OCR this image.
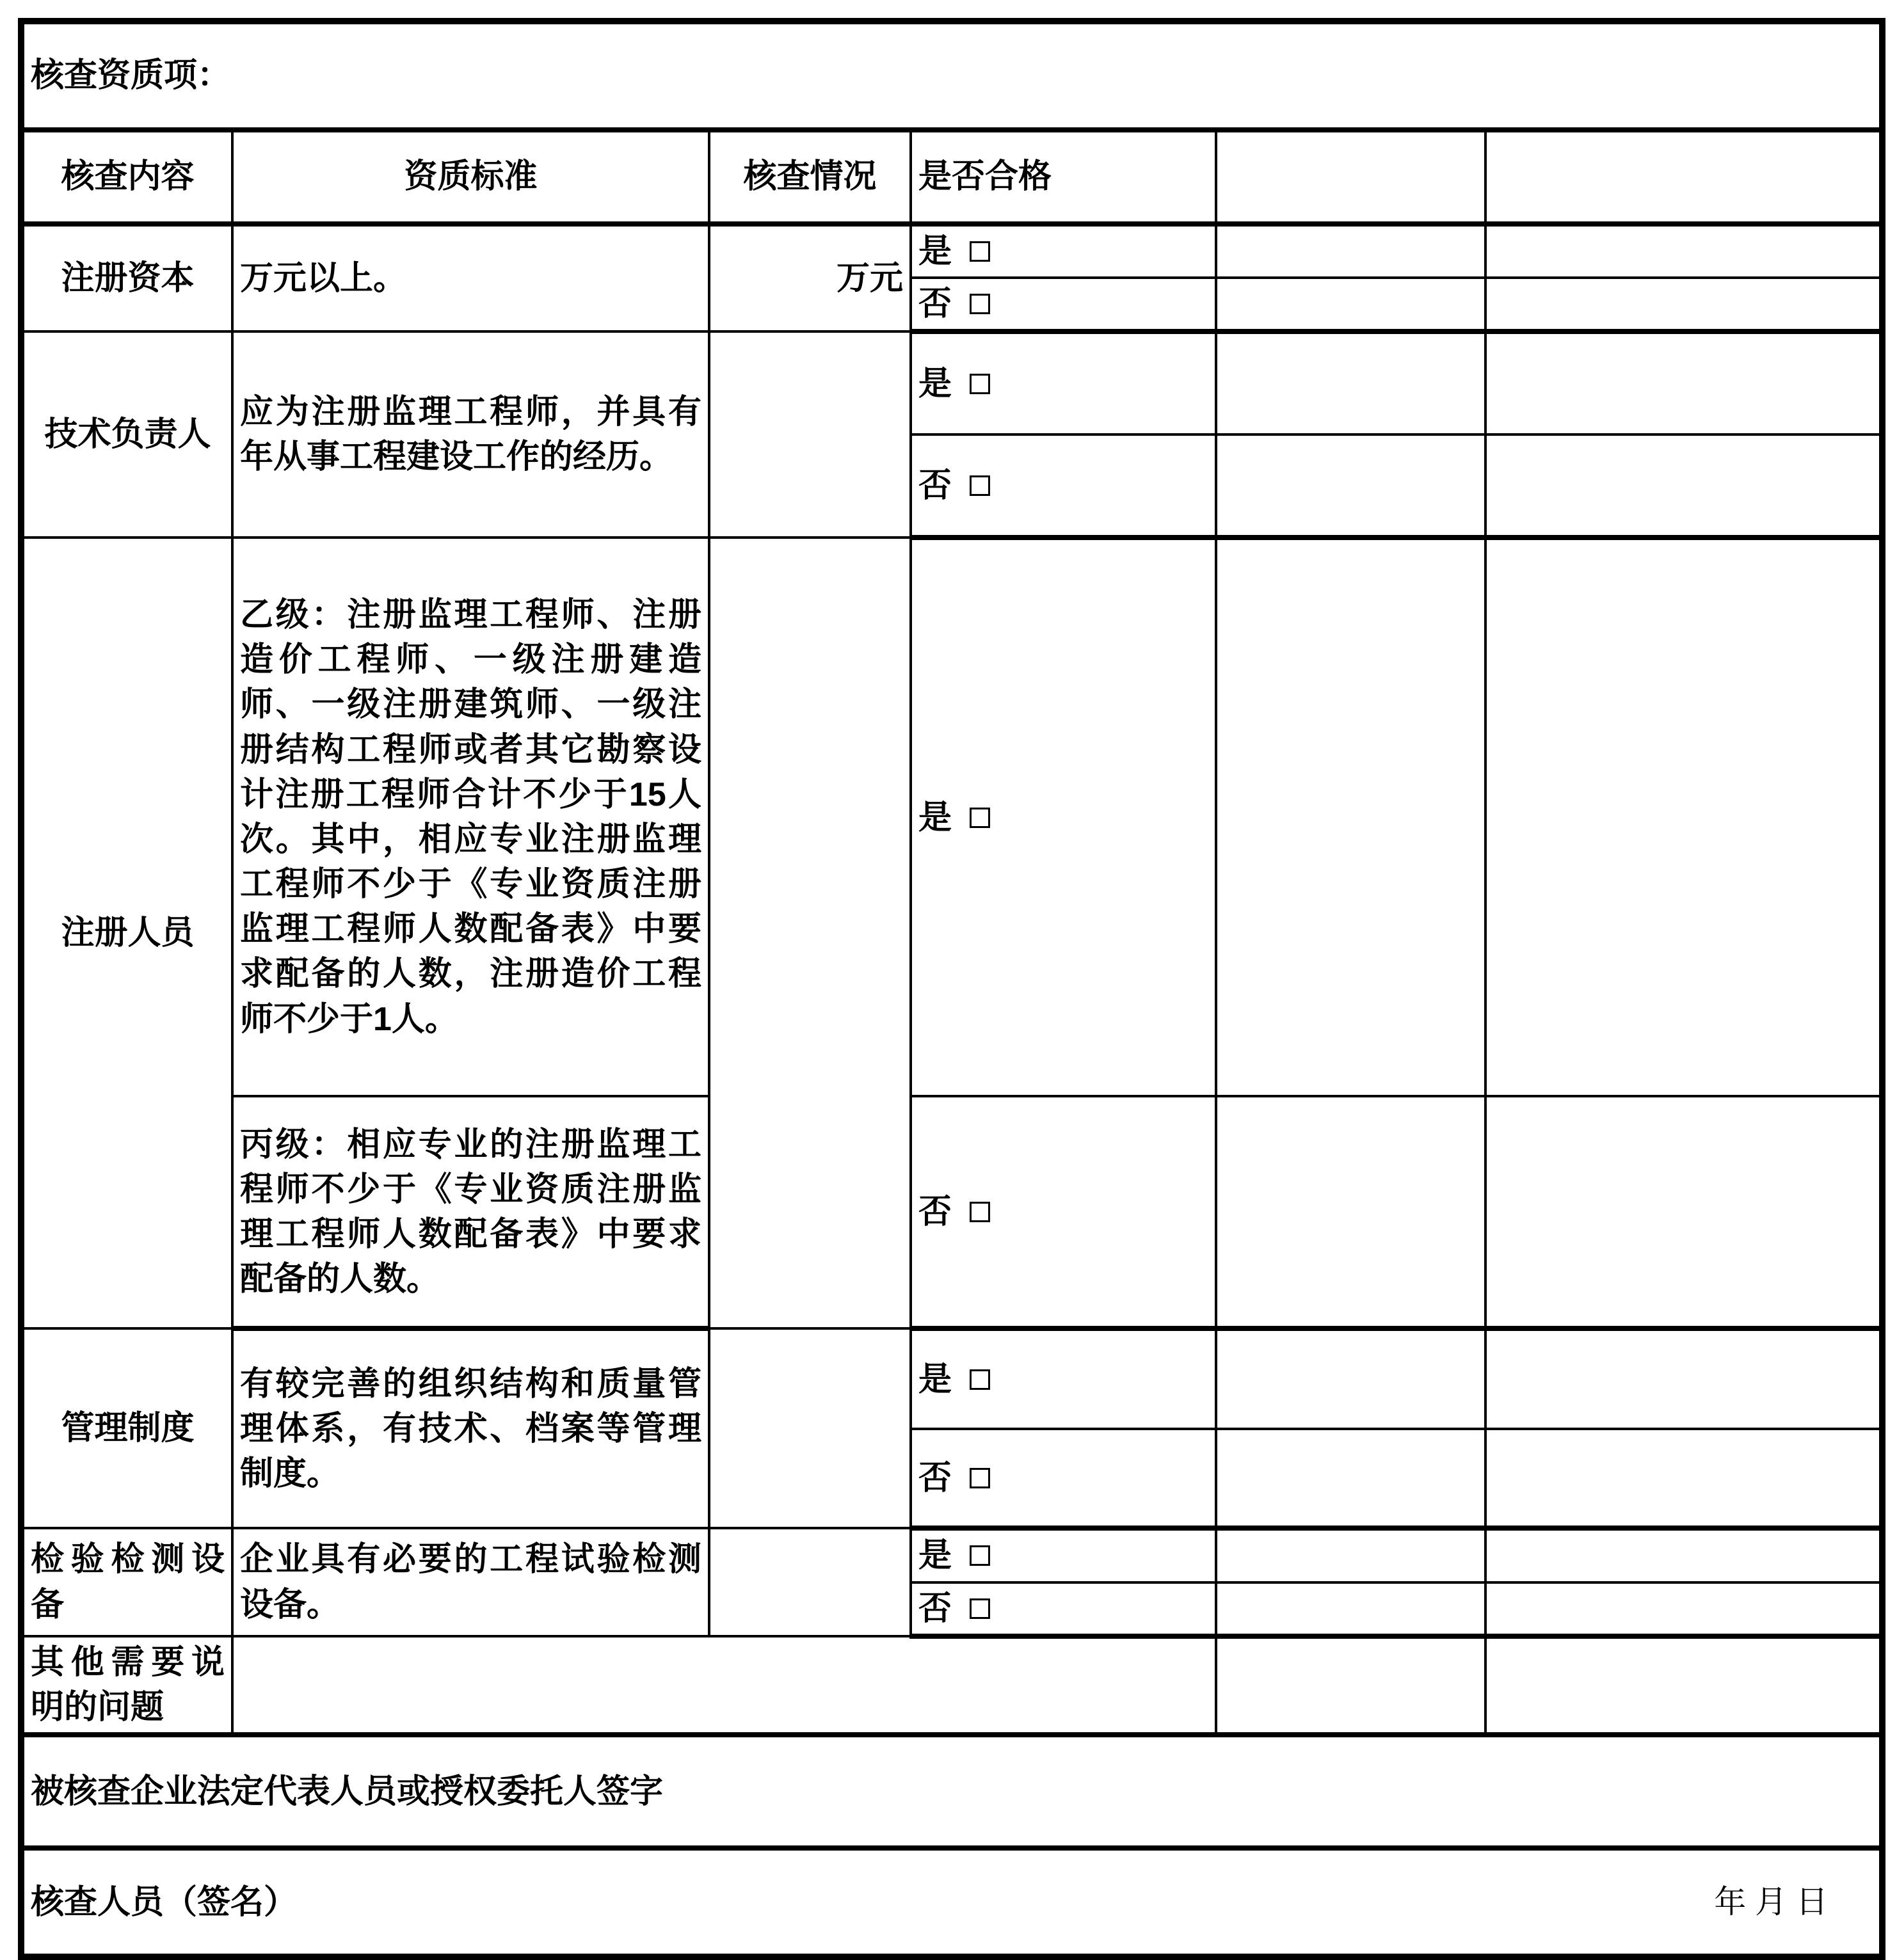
核查资质项：					
核查内容	资质标准	核查情况	是否合格		
注册资本	万元以上。	万元	是		

			否		

技术负责人	应为注册监理工程师，并具有 年从事工程建设工作的经历。		是		

			否		

注册人员	乙级：注册监理工程师、注册造价工程师、一级注册建造师、一级注册建筑师、一级注册结构工程师或者其它勘察设计注册工程师合计不少于15人次。其中，相应专业注册监理工程师不少于《专业资质注册监理工程师人数配备表》中要求配备的人数，注册造价工程师不少于1人。		是		

	丙级：相应专业的注册监理工程师不少于《专业资质注册监理工程师人数配备表》中要求配备的人数。		否		

管理制度	有较完善的组织结构和质量管理体系，有技术、档案等管理制度。		是		

			否		

检验检测设备	企业具有必要的工程试验检测设备。		是		

			否		

其他需要说明的问题					
被核查企业法定代表人员或授权委托人签字					

核查人员（签名） 年 月 日					
